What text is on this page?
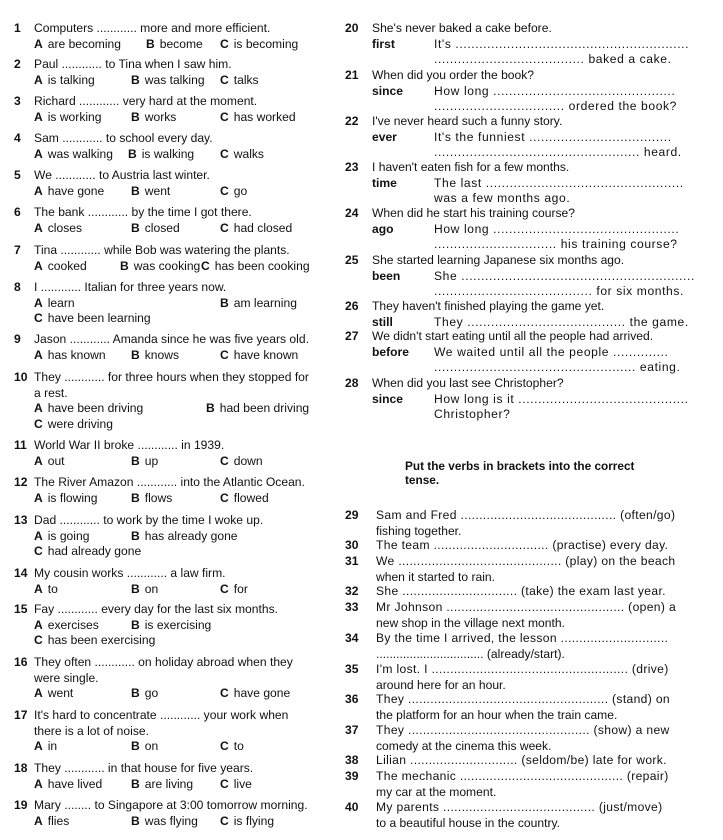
1	Computers ............ more and more efficient.
A are becoming B become C is becoming
2	Paul ............ to Tina when I saw him.
A is talking	B was talking C talks
3	Richard ............ very hard at the moment.
A is working B works	C has worked
4	Sam ............ to school every day.
A was walking B is walking C walks
5	We ............ to Austria last winter.
A have gone B went	C go
6	The bank ............ by the time I got there.
A closes	B closed	C had closed
7	Tina ............ while Bob was watering the plants.
A cooked	B was cooking C has been cooking
8	I ............ Italian for three years now.
A learn	B am learning
C have been learning
9	Jason ............ Amanda since he was five years old.
A has known B knows	C have known
10 They ............ for three hours when they stopped for
a rest.
A have been driving	B had been driving
C were driving
11 World War II broke ............ in 1939.
A out	B up	C down
12 The River Amazon ............ into the Atlantic Ocean.
A is flowing	B flows	C flowed
13 Dad ............ to work by the time I woke up.
A is going	B has already gone
C had already gone
14 My cousin works ............ a law firm.
A to	B on	C for
15 Fay ............ every day for the last six months.
A exercises	B is exercising
C has been exercising
16 They often ............ on holiday abroad when they
were single.
A went	B go	C have gone
17 It's hard to concentrate ............ your work when
there is a lot of noise.
A in	B on	C to
18 They ............ in that house for five years.
A have lived B are living C live
19 Mary ........ to Singapore at 3:00 tomorrow morning.
A flies	B was flying C is flying
20	She's never baked a cake before.
first	It's ...........................................................
...................................... baked a cake.
21	When did you order the book?
since	How long ..............................................
................................. ordered the book?
22	I've never heard such a funny story.
ever	It's the funniest ....................................
.................................................... heard.
23	I haven't eaten fish for a few months.
time	The last ..................................................
was a few months ago.
24	When did he start his training course?
ago	How long ...............................................
............................... his training course?
25	She started learning Japanese six months ago.
been	She ...........................................................
........................................ for six months.
26	They haven't finished playing the game yet.
still	They ........................................ the game.
27	We didn't start eating until all the people had arrived.
before	We waited until all the people ..............
................................................... eating.
28	When did you last see Christopher?
since	How long is it ...........................................
Christopher?
29	Sam and Fred .......................................... (often/go)
fishing together.
30	The team ............................... (practise) every day.
31	We ............................................ (play) on the beach
when it started to rain.
32	She ............................... (take) the exam last year.
33	Mr Johnson ................................................ (open) a
new shop in the village next month.
34	By the time I arrived, the lesson .............................
................................ (already/start).
35	I'm lost. I ..................................................... (drive)
around here for an hour.
36	They ...................................................... (stand) on
the platform for an hour when the train came.
37	They ................................................. (show) a new
comedy at the cinema this week.
38	Lilian ............................. (seldom/be) late for work.
39	The mechanic ............................................ (repair)
my car at the moment.
40	My parents ......................................... (just/move)
to a beautiful house in the country.
Put the verbs in brackets into the correct tense.
